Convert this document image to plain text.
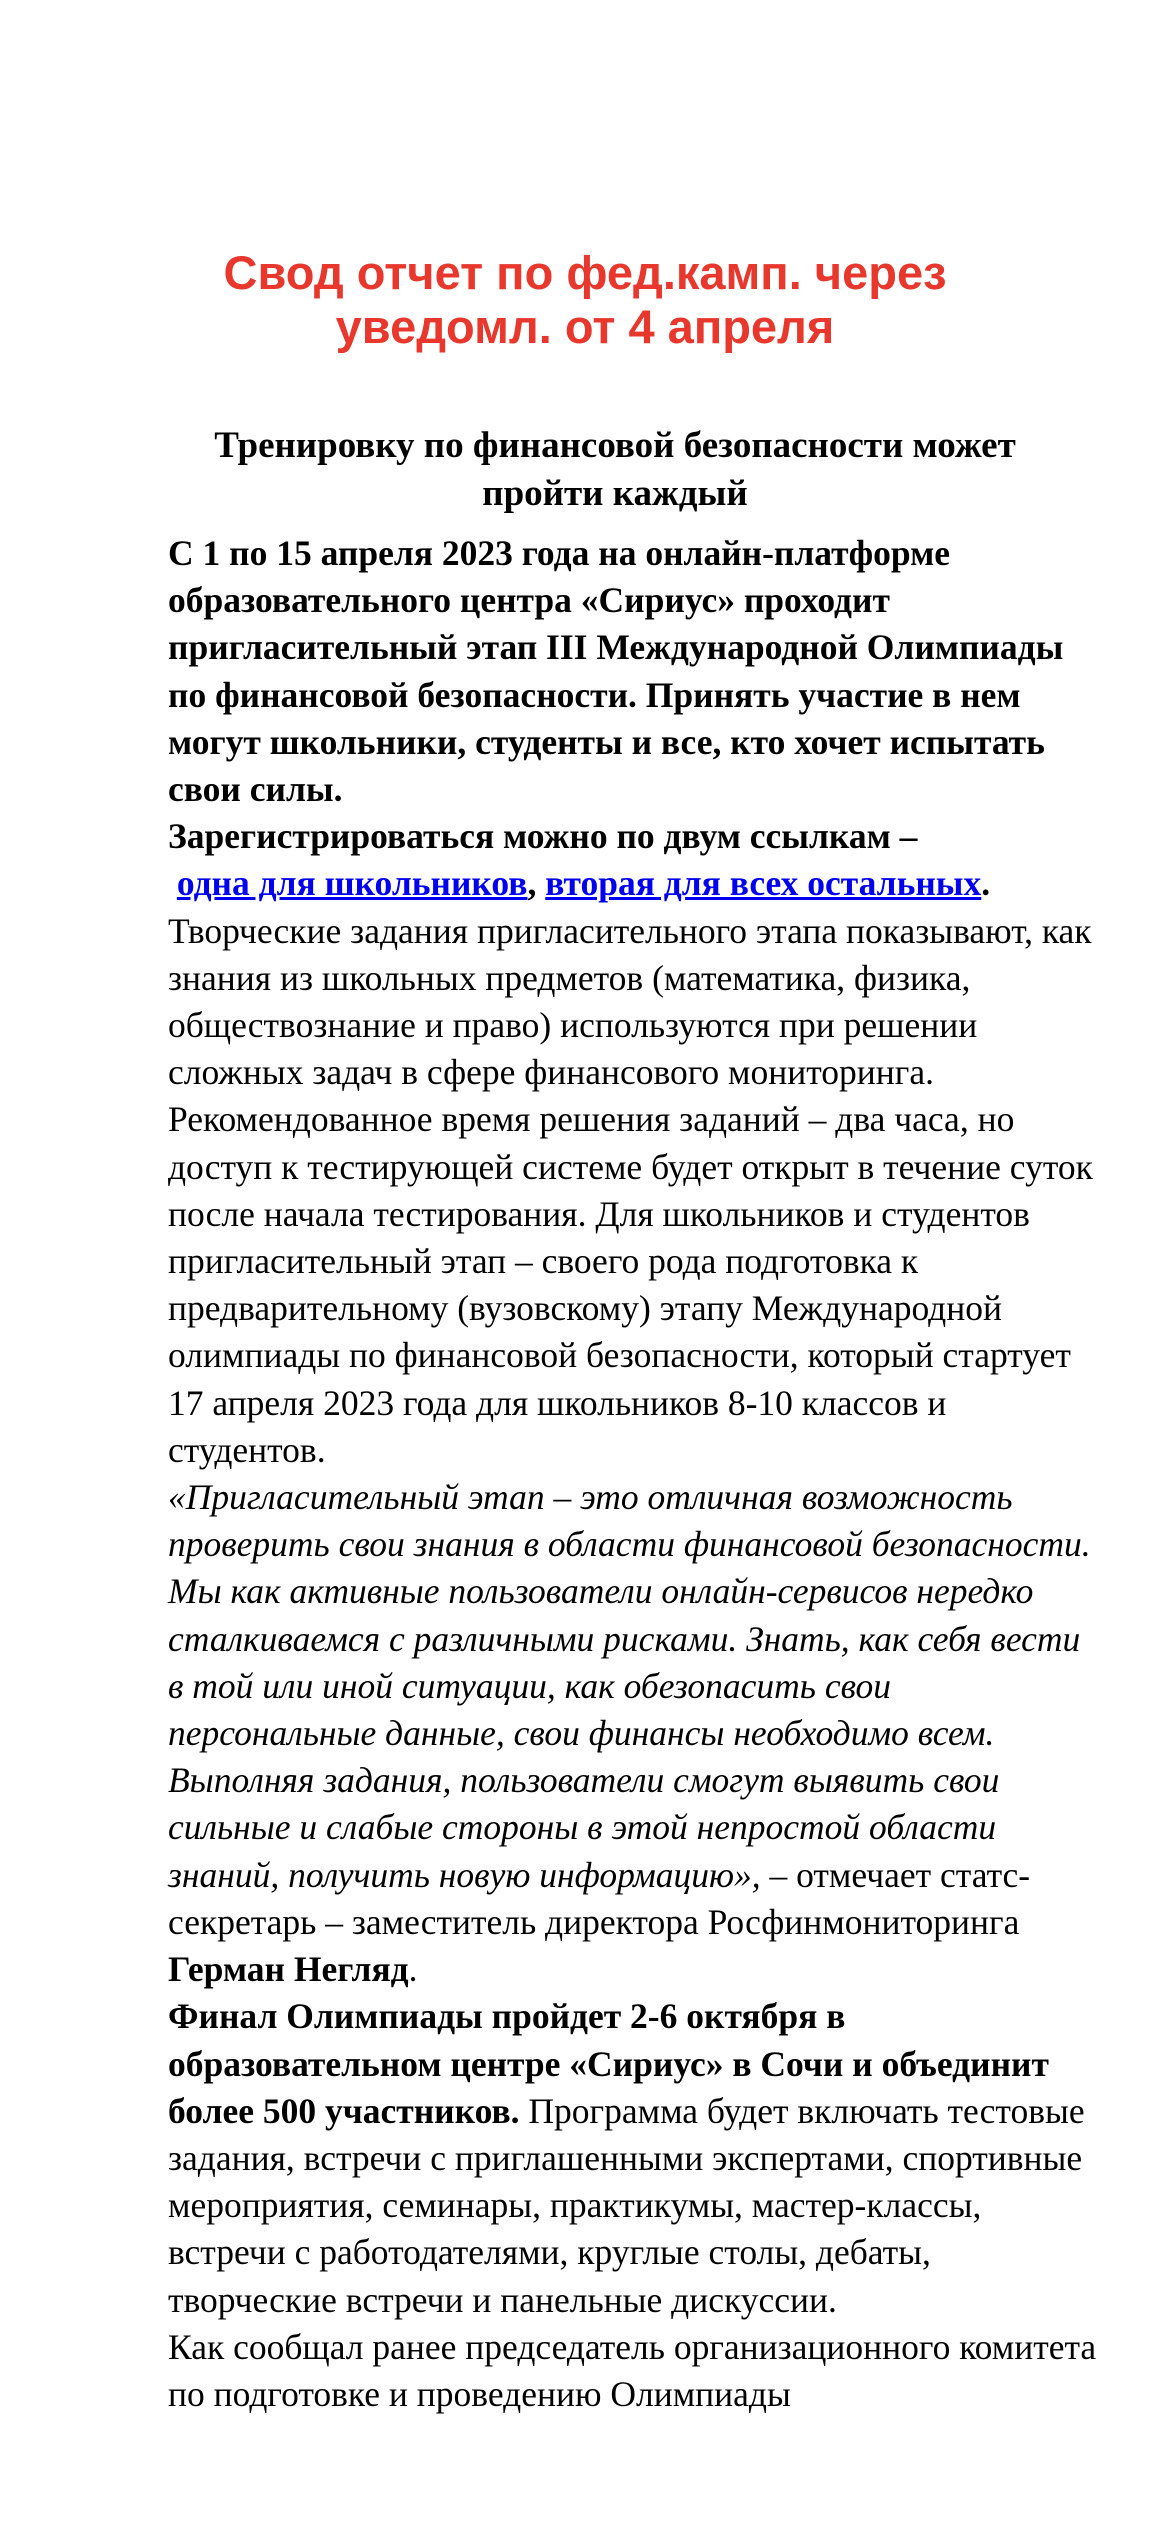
Свод отчет по фед.камп. через
уведомл. от 4 апреля
Тренировку по финансовой безопасности может пройти каждый

С 1 по 15 апреля 2023 года на онлайн-платформе образовательного центра «Сириус» проходит пригласительный этап III Международной Олимпиады по финансовой безопасности. Принять участие в нем могут школьники, студенты и все, кто хочет испытать свои силы.

Зарегистрироваться можно по двум ссылкам –
одна для школьников, вторая для всех остальных.

Творческие задания пригласительного этапа показывают, как знания из школьных предметов (математика, физика, обществознание и право) используются при решении сложных задач в сфере финансового мониторинга. Рекомендованное время решения заданий – два часа, но доступ к тестирующей системе будет открыт в течение суток после начала тестирования. Для школьников и студентов пригласительный этап – своего рода подготовка к предварительному (вузовскому) этапу Международной олимпиады по финансовой безопасности, который стартует 17 апреля 2023 года для школьников 8-10 классов и студентов.

«Пригласительный этап – это отличная возможность проверить свои знания в области финансовой безопасности. Мы как активные пользователи онлайн-сервисов нередко сталкиваемся с различными рисками. Знать, как себя вести в той или иной ситуации, как обезопасить свои персональные данные, свои финансы необходимо всем. Выполняя задания, пользователи смогут выявить свои сильные и слабые стороны в этой непростой области знаний, получить новую информацию», – отмечает статс-секретарь – заместитель директора Росфинмониторинга Герман Негляд.

Финал Олимпиады пройдет 2-6 октября в образовательном центре «Сириус» в Сочи и объединит более 500 участников. Программа будет включать тестовые задания, встречи с приглашенными экспертами, спортивные мероприятия, семинары, практикумы, мастер-классы, встречи с работодателями, круглые столы, дебаты, творческие встречи и панельные дискуссии.

Как сообщал ранее председатель организационного комитета по подготовке и проведению Олимпиады
